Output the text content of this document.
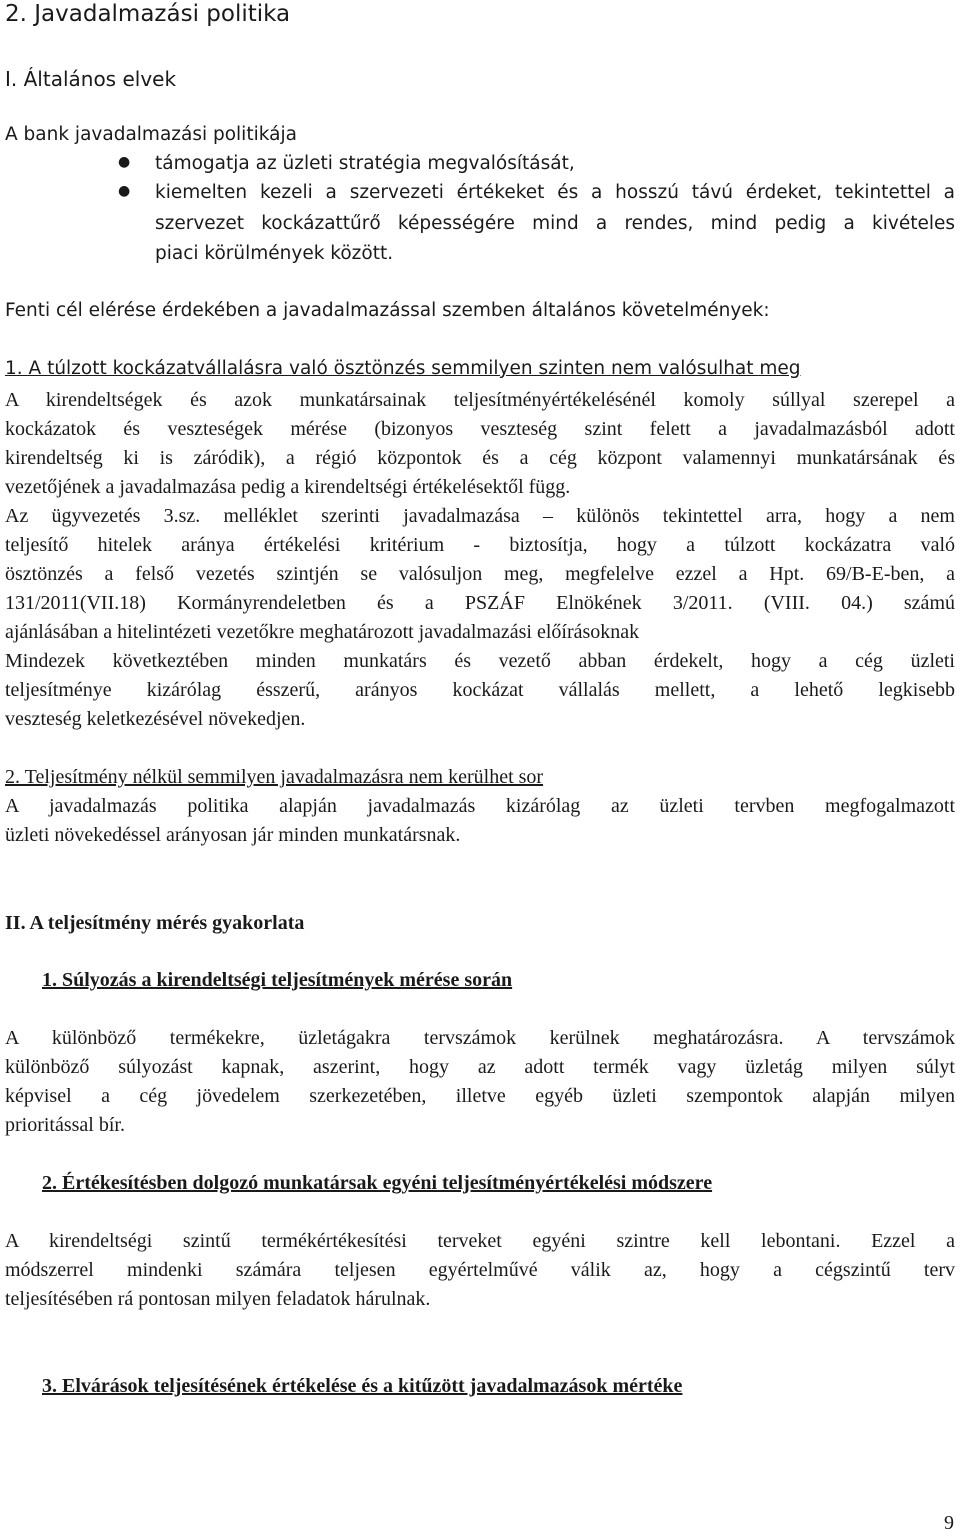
2. Javadalmazási politika
I. Általános elvek
A bank javadalmazási politikája
● támogatja az üzleti stratégia megvalósítását,
● kiemelten kezeli a szervezeti értékeket és a hosszú távú érdeket, tekintettel a
szervezet kockázattűrő képességére mind a rendes, mind pedig a kivételes
piaci körülmények között.
Fenti cél elérése érdekében a javadalmazással szemben általános követelmények:
1. A túlzott kockázatvállalásra való ösztönzés semmilyen szinten nem valósulhat meg
A kirendeltségek és azok munkatársainak teljesítményértékelésénél komoly súllyal szerepel a
kockázatok és veszteségek mérése (bizonyos veszteség szint felett a javadalmazásból adott
kirendeltség ki is záródik), a régió központok és a cég központ valamennyi munkatársának és
vezetőjének a javadalmazása pedig a kirendeltségi értékelésektől függ.
Az ügyvezetés 3.sz. melléklet szerinti javadalmazása – különös tekintettel arra, hogy a nem
teljesítő hitelek aránya értékelési kritérium - biztosítja, hogy a túlzott kockázatra való
ösztönzés a felső vezetés szintjén se valósuljon meg, megfelelve ezzel a Hpt. 69/B-E-ben, a
131/2011(VII.18) Kormányrendeletben és a PSZÁF Elnökének 3/2011. (VIII. 04.) számú
ajánlásában a hitelintézeti vezetőkre meghatározott javadalmazási előírásoknak
Mindezek következtében minden munkatárs és vezető abban érdekelt, hogy a cég üzleti
teljesítménye kizárólag ésszerű, arányos kockázat vállalás mellett, a lehető legkisebb
veszteség keletkezésével növekedjen.
2. Teljesítmény nélkül semmilyen javadalmazásra nem kerülhet sor
A javadalmazás politika alapján javadalmazás kizárólag az üzleti tervben megfogalmazott
üzleti növekedéssel arányosan jár minden munkatársnak.
II. A teljesítmény mérés gyakorlata
1. Súlyozás a kirendeltségi teljesítmények mérése során
A különböző termékekre, üzletágakra tervszámok kerülnek meghatározásra. A tervszámok
különböző súlyozást kapnak, aszerint, hogy az adott termék vagy üzletág milyen súlyt
képvisel a cég jövedelem szerkezetében, illetve egyéb üzleti szempontok alapján milyen
prioritással bír.
2. Értékesítésben dolgozó munkatársak egyéni teljesítményértékelési módszere
A kirendeltségi szintű termékértékesítési terveket egyéni szintre kell lebontani. Ezzel a
módszerrel mindenki számára teljesen egyértelművé válik az, hogy a cégszintű terv
teljesítésében rá pontosan milyen feladatok hárulnak.
3. Elvárások teljesítésének értékelése és a kitűzött javadalmazások mértéke
9
